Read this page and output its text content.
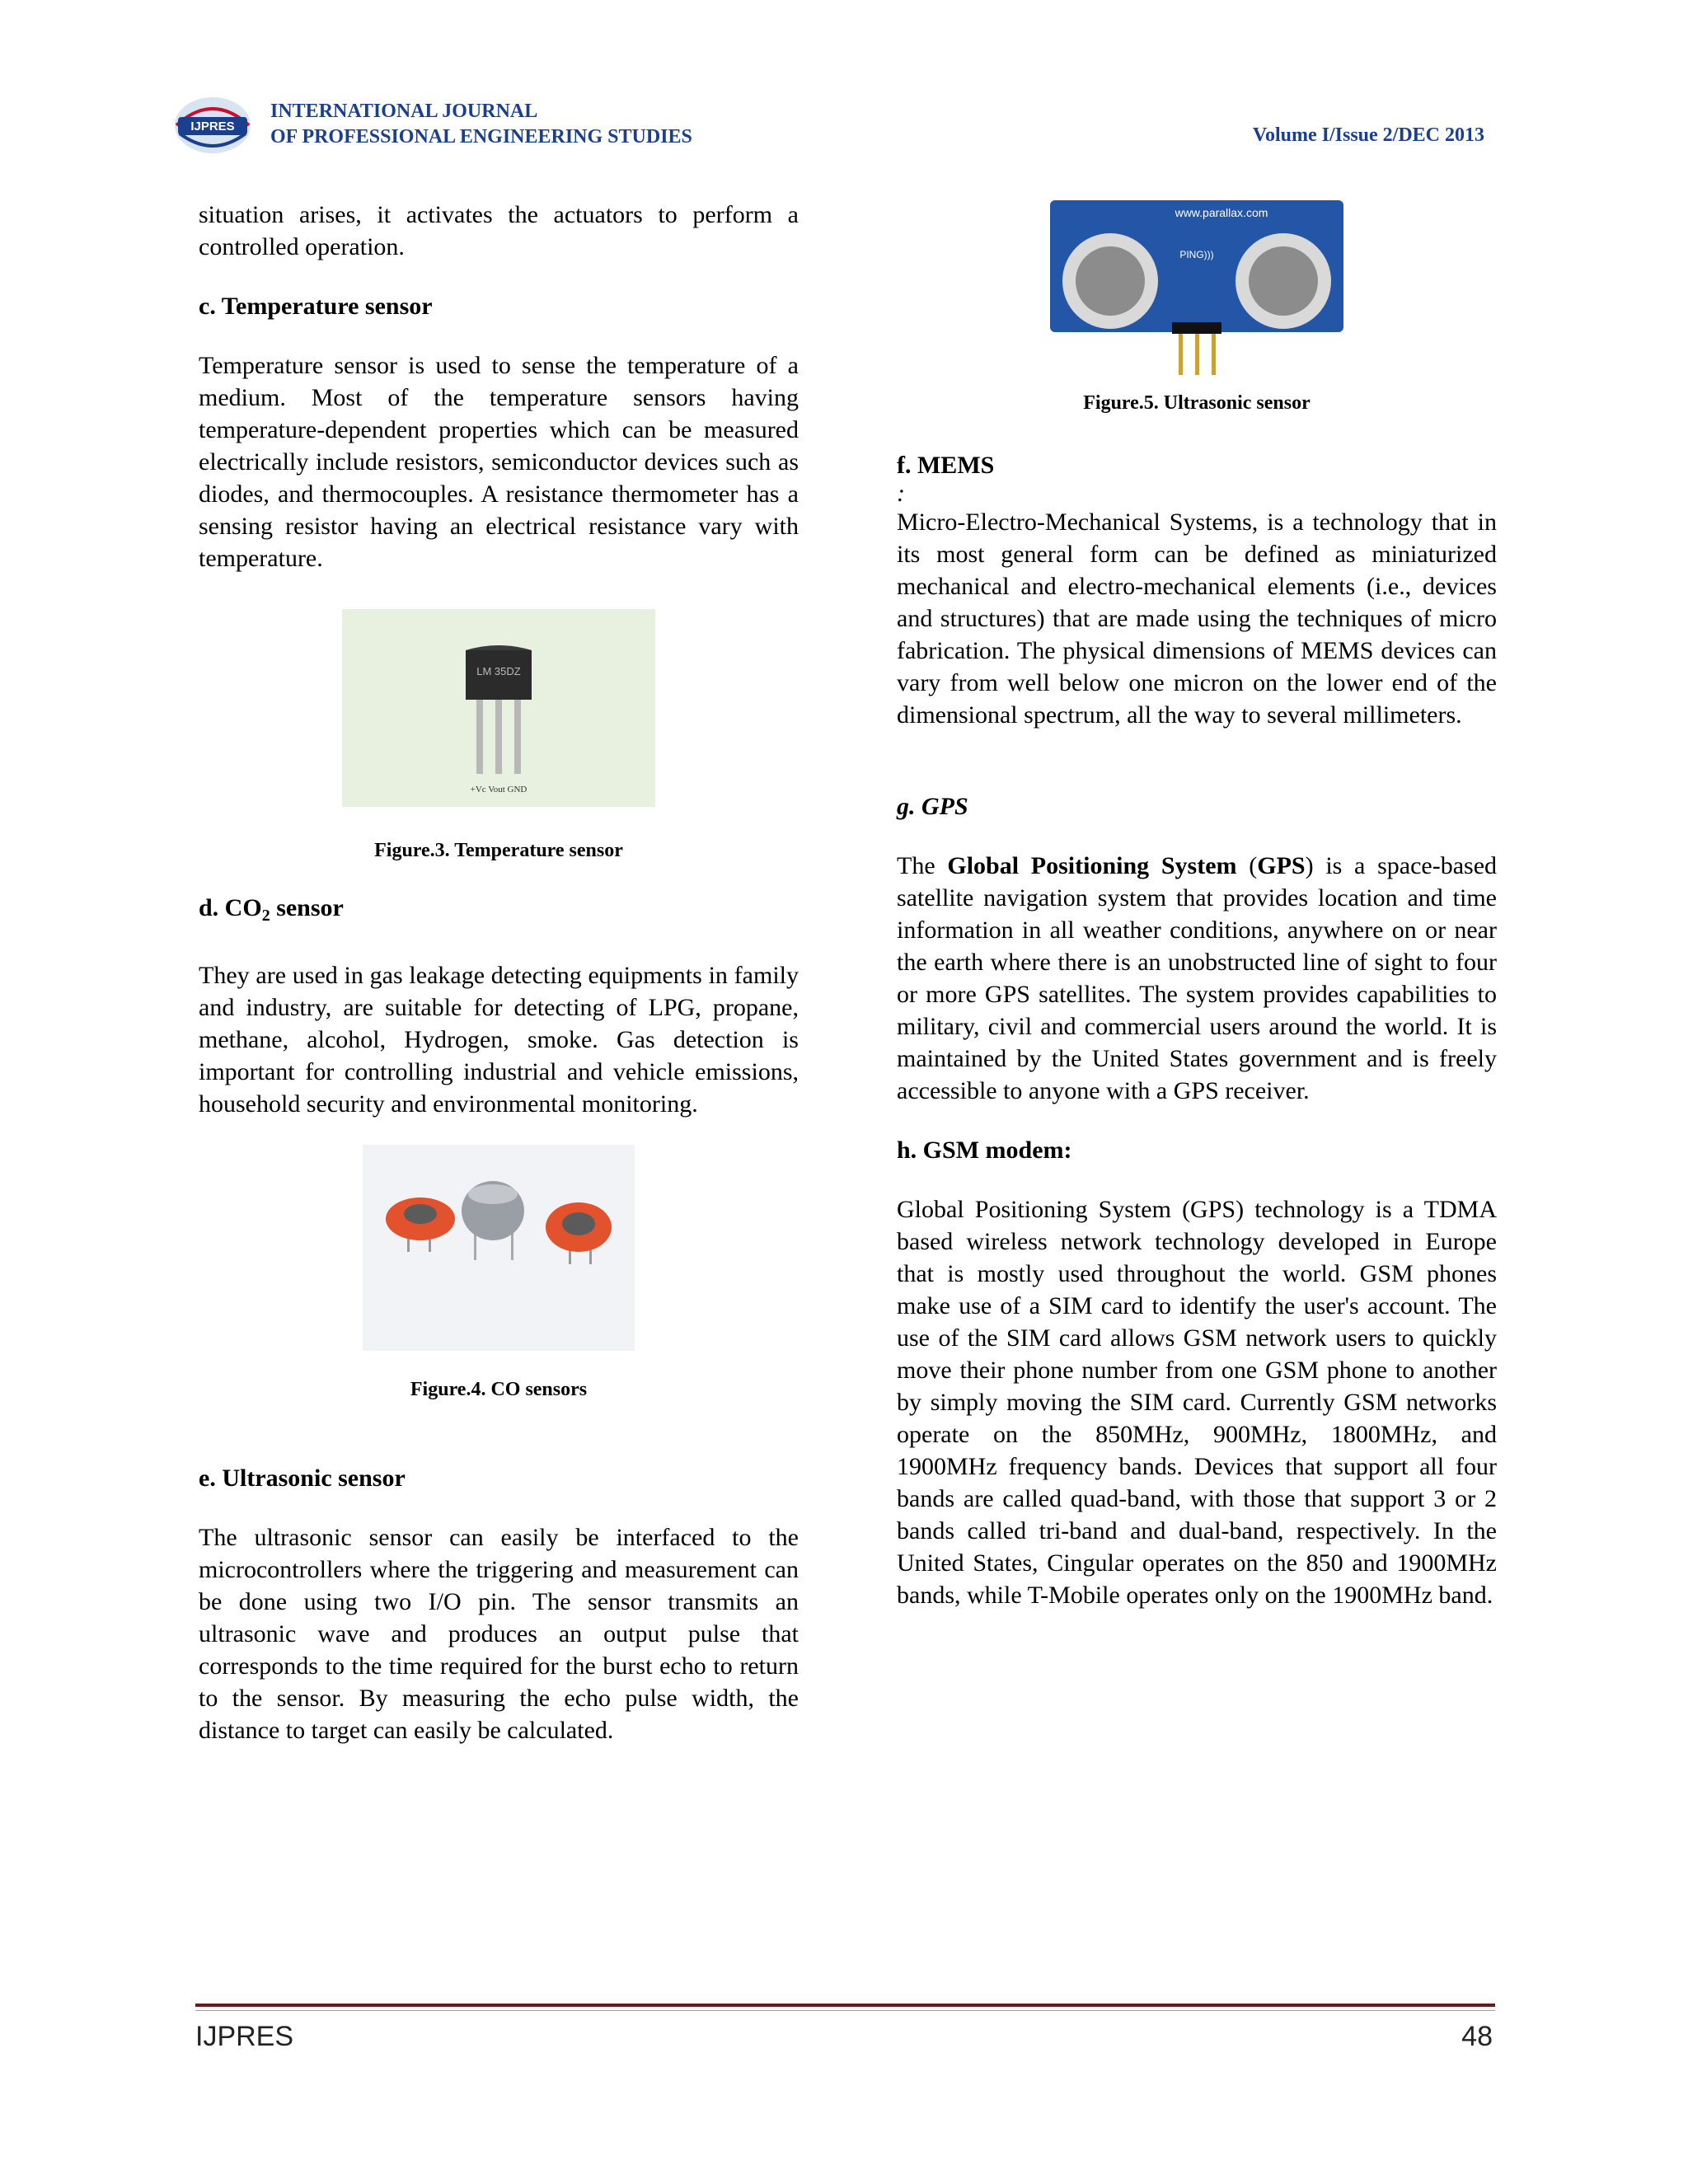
IJPRES
INTERNATIONAL JOURNAL
OF PROFESSIONAL ENGINEERING STUDIES	Volume I/Issue 2/DEC 2013

situation arises, it activates the actuators to perform a controlled operation.

c. Temperature sensor

Temperature sensor is used to sense the temperature of a medium. Most of the temperature sensors having temperature-dependent properties which can be measured electrically include resistors, semiconductor devices such as diodes, and thermocouples. A resistance thermometer has a sensing resistor having an electrical resistance vary with temperature.

LM 35DZ
+Vc Vout GND
Figure.3. Temperature sensor
d. $CO_2$ sensor

They are used in gas leakage detecting equipments in family and industry, are suitable for detecting of LPG, propane, methane, alcohol, Hydrogen, smoke. Gas detection is important for controlling industrial and vehicle emissions, household security and environmental monitoring.

Figure.4. CO sensors
e. Ultrasonic sensor

The ultrasonic sensor can easily be interfaced to the microcontrollers where the triggering and measurement can be done using two I/O pin. The sensor transmits an ultrasonic wave and produces an output pulse that corresponds to the time required for the burst echo to return to the sensor. By measuring the echo pulse width, the distance to target can easily be calculated.

www.parallax.com
PING)))
Figure.5. Ultrasonic sensor
f. MEMS
:

Micro-Electro-Mechanical Systems, is a technology that in its most general form can be defined as miniaturized mechanical and electro-mechanical elements (i.e., devices and structures) that are made using the techniques of micro fabrication. The physical dimensions of MEMS devices can vary from well below one micron on the lower end of the dimensional spectrum, all the way to several millimeters.

g. GPS

The Global Positioning System (GPS) is a space-based satellite navigation system that provides location and time information in all weather conditions, anywhere on or near the earth where there is an unobstructed line of sight to four or more GPS satellites. The system provides capabilities to military, civil and commercial users around the world. It is maintained by the United States government and is freely accessible to anyone with a GPS receiver.

h. GSM modem:

Global Positioning System (GPS) technology is a TDMA based wireless network technology developed in Europe that is mostly used throughout the world. GSM phones make use of a SIM card to identify the user's account. The use of the SIM card allows GSM network users to quickly move their phone number from one GSM phone to another by simply moving the SIM card. Currently GSM networks operate on the 850MHz, 900MHz, 1800MHz, and 1900MHz frequency bands. Devices that support all four bands are called quad-band, with those that support 3 or 2 bands called tri-band and dual-band, respectively. In the United States, Cingular operates on the 850 and 1900MHz bands, while T-Mobile operates only on the 1900MHz band.

IJPRES	48
